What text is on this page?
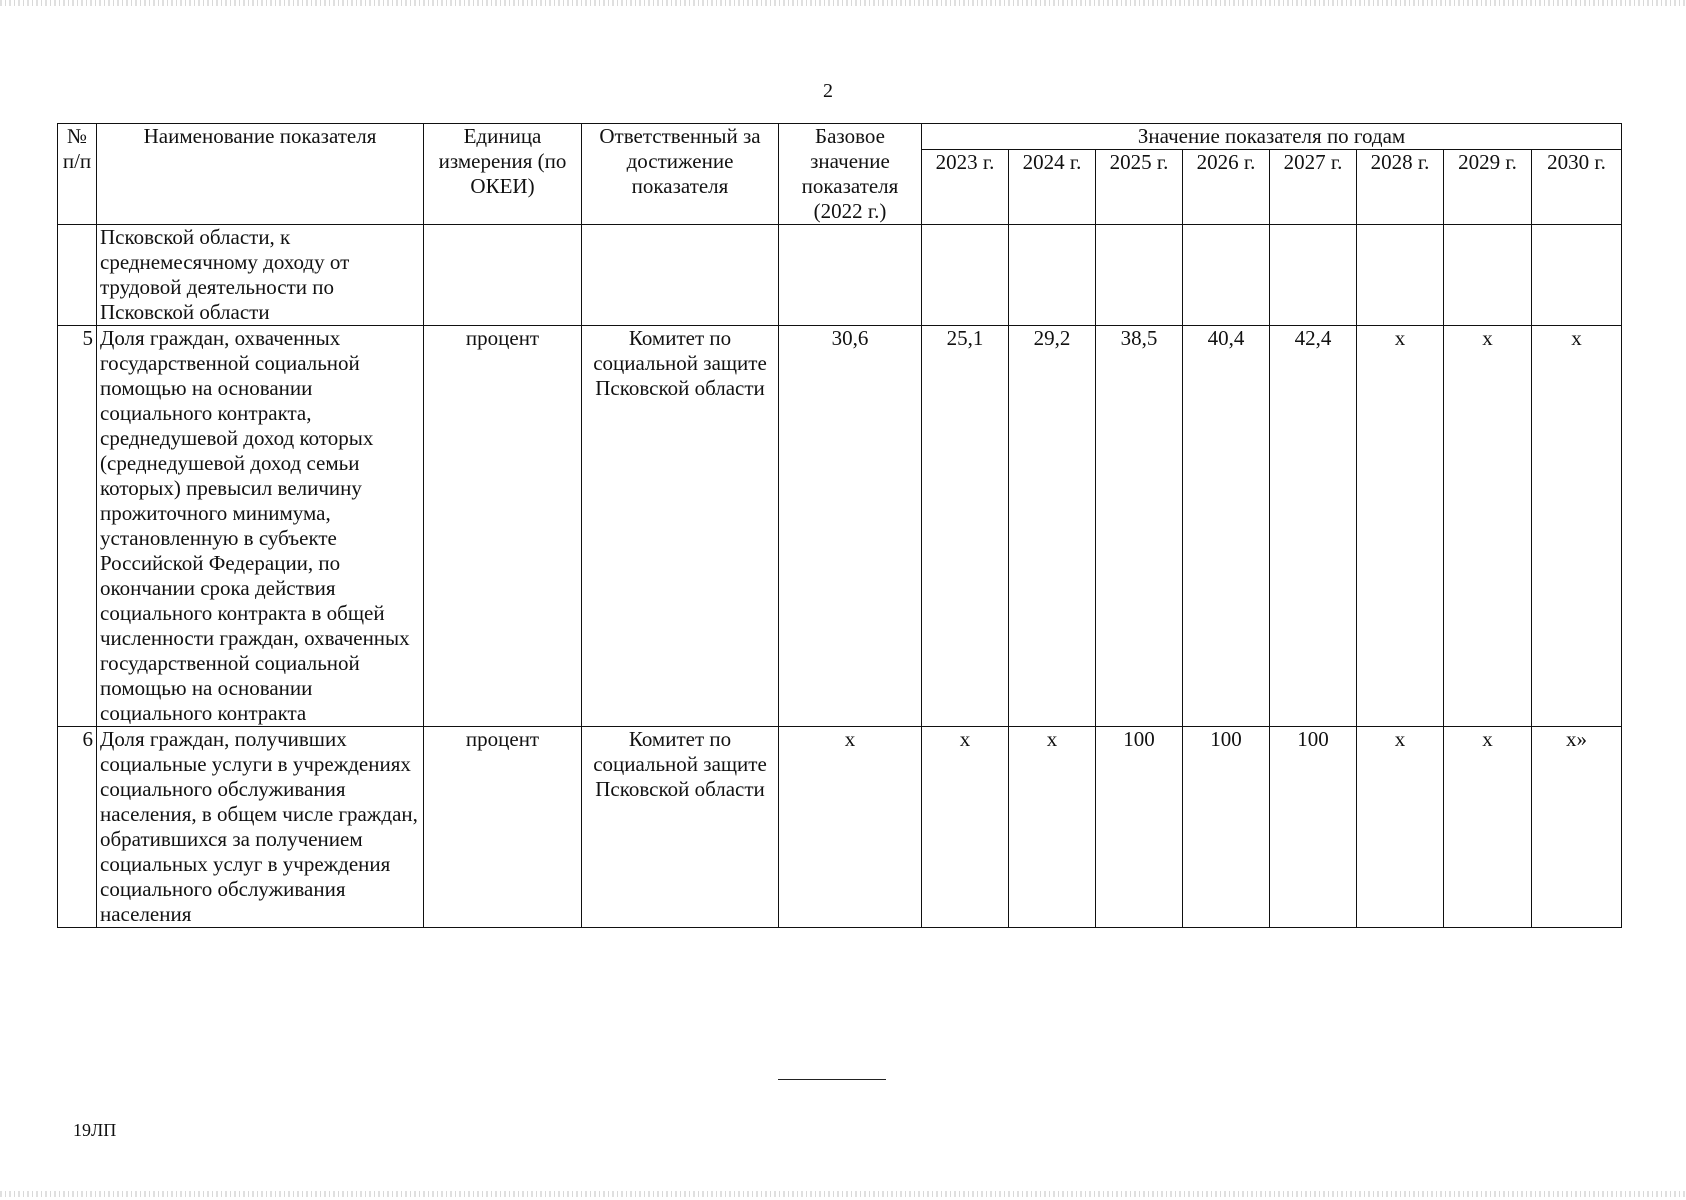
2
№ п/п	Наименование показателя	Единица измерения (по ОКЕИ)	Ответственный за достижение показателя	Базовое значение показателя (2022 г.)	Значение показателя по годам							
					2023 г.	2024 г.	2025 г.	2026 г.	2027 г.	2028 г.	2029 г.	2030 г.
	Псковской области, к среднемесячному доходу от трудовой деятельности по Псковской области											
5	Доля граждан, охваченных государственной социальной помощью на основании социального контракта, среднедушевой доход которых (среднедушевой доход семьи которых) превысил величину прожиточного минимума, установленную в субъекте Российской Федерации, по окончании срока действия социального контракта в общей численности граждан, охваченных государственной социальной помощью на основании социального контракта	процент	Комитет по социальной защите Псковской области	30,6	25,1	29,2	38,5	40,4	42,4	х	х	х
6	Доля граждан, получивших социальные услуги в учреждениях социального обслуживания населения, в общем числе граждан, обратившихся за получением социальных услуг в учреждения социального обслуживания населения	процент	Комитет по социальной защите Псковской области	х	х	х	100	100	100	х	х	х»
19ЛП
